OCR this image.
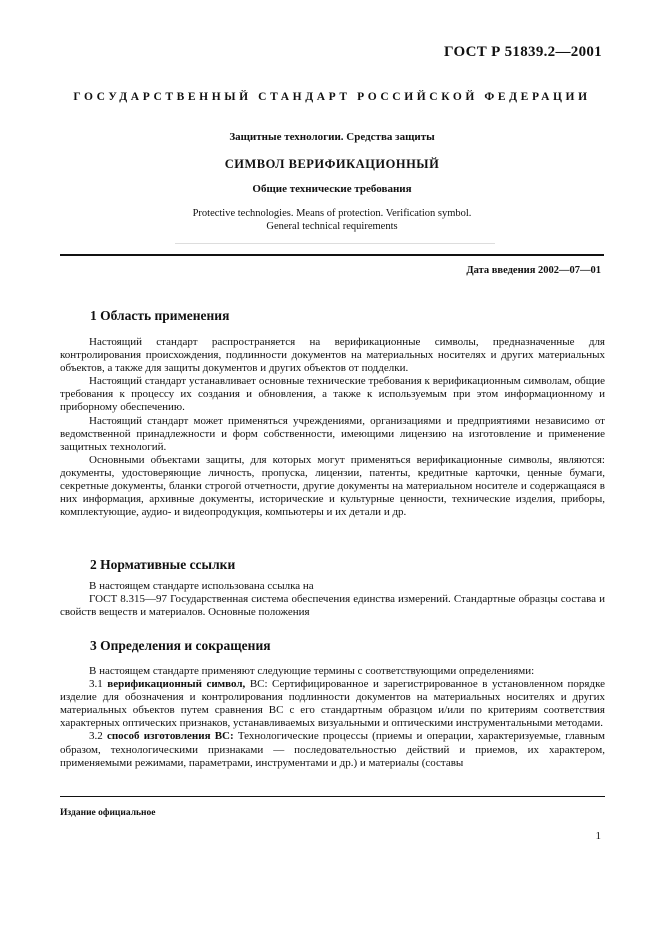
ГОСТ Р 51839.2—2001
ГОСУДАРСТВЕННЫЙ СТАНДАРТ РОССИЙСКОЙ ФЕДЕРАЦИИ
Защитные технологии. Средства защиты
СИМВОЛ ВЕРИФИКАЦИОННЫЙ
Общие технические требования
Protective technologies. Means of protection. Verification symbol.
General technical requirements
Дата введения 2002—07—01
1 Область применения

Настоящий стандарт распространяется на верификационные символы, предназначенные для контролирования происхождения, подлинности документов на материальных носителях и других материальных объектов, а также для защиты документов и других объектов от подделки.

Настоящий стандарт устанавливает основные технические требования к верификационным символам, общие требования к процессу их создания и обновления, а также к используемым при этом информационному и приборному обеспечению.

Настоящий стандарт может применяться учреждениями, организациями и предприятиями независимо от ведомственной принадлежности и форм собственности, имеющими лицензию на изготовление и применение защитных технологий.

Основными объектами защиты, для которых могут применяться верификационные символы, являются: документы, удостоверяющие личность, пропуска, лицензии, патенты, кредитные карточки, ценные бумаги, секретные документы, бланки строгой отчетности, другие документы на материальном носителе и содержащаяся в них информация, архивные документы, исторические и культурные ценности, технические изделия, приборы, комплектующие, аудио- и видеопродукция, компьютеры и их детали и др.

2 Нормативные ссылки

В настоящем стандарте использована ссылка на

ГОСТ 8.315—97 Государственная система обеспечения единства измерений. Стандартные образцы состава и свойств веществ и материалов. Основные положения

3 Определения и сокращения

В настоящем стандарте применяют следующие термины с соответствующими определениями:

3.1 верификационный символ, ВС: Сертифицированное и зарегистрированное в установленном порядке изделие для обозначения и контролирования подлинности документов на материальных носителях и других материальных объектов путем сравнения ВС с его стандартным образцом и/или по критериям соответствия характерных оптических признаков, устанавливаемых визуальными и оптическими инструментальными методами.

3.2 способ изготовления ВС: Технологические процессы (приемы и операции, характеризуемые, главным образом, технологическими признаками — последовательностью действий и приемов, их характером, применяемыми режимами, параметрами, инструментами и др.) и материалы (составы

Издание официальное
1
